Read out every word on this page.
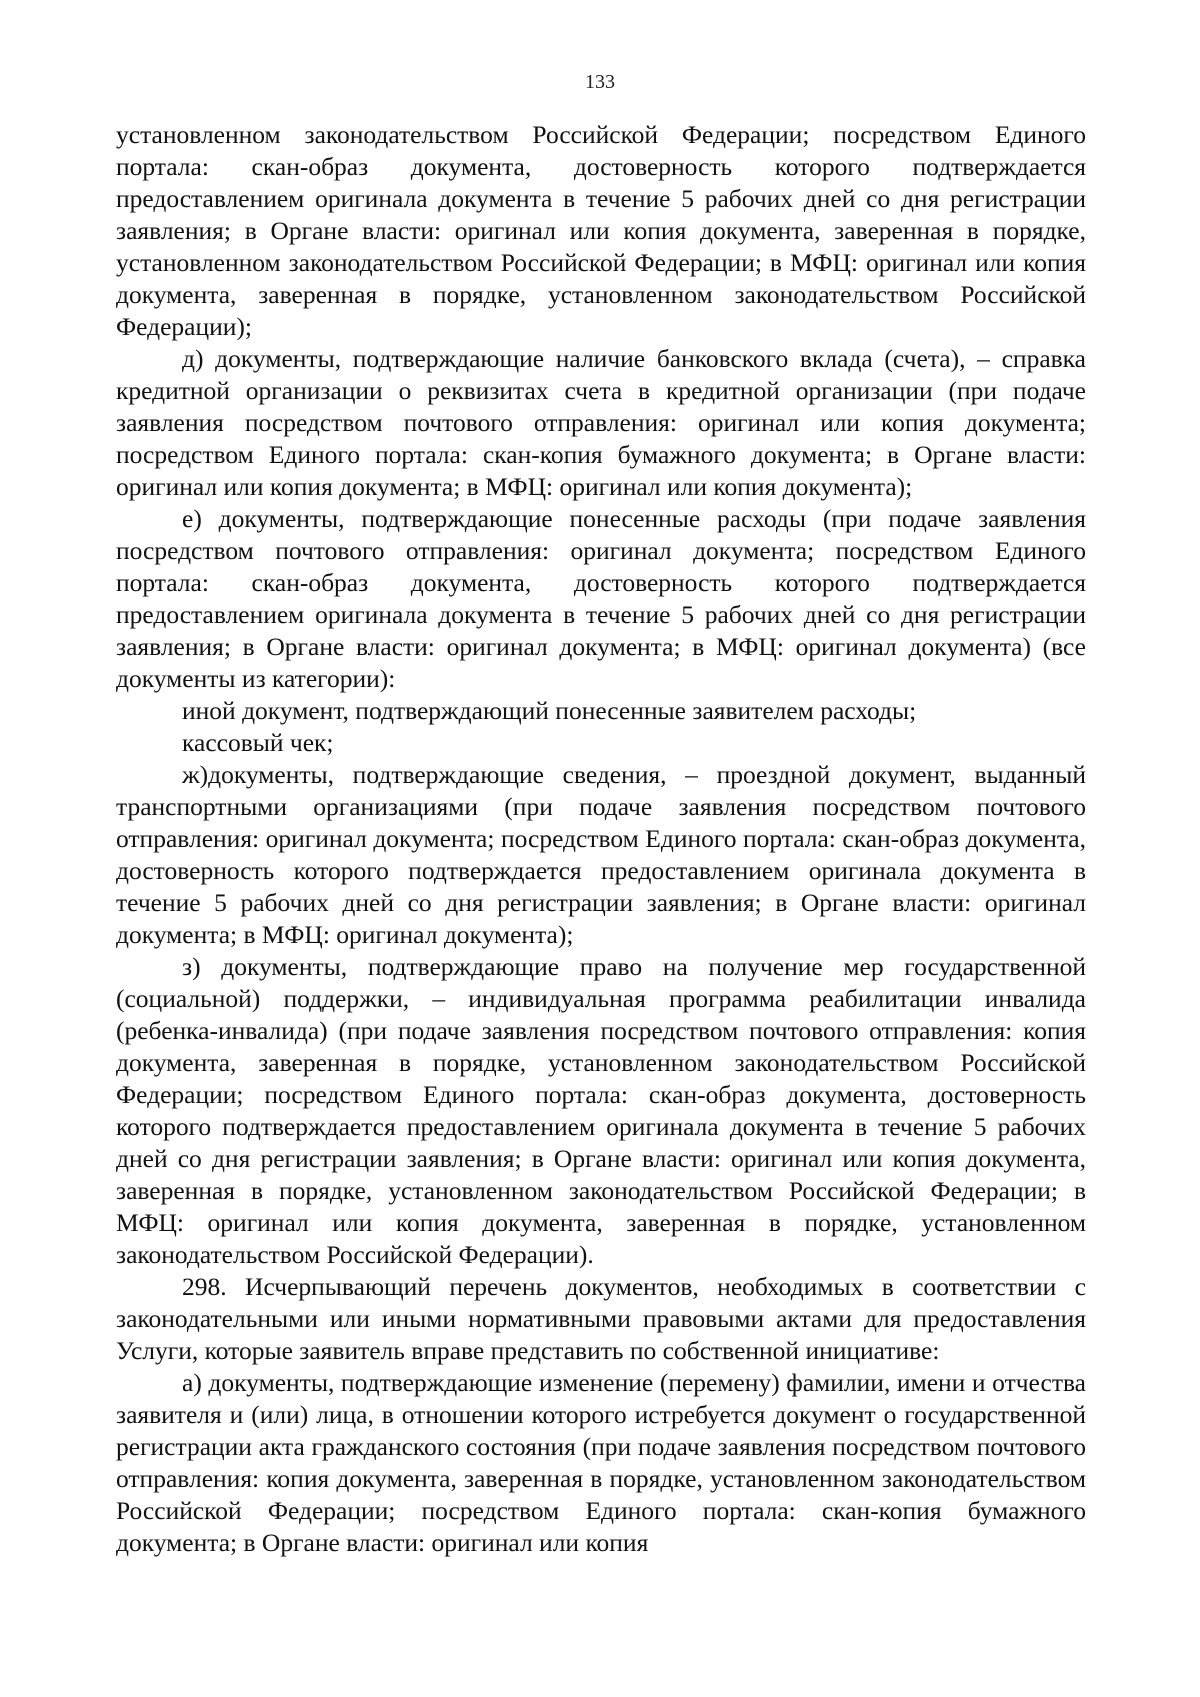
133

установленном законодательством Российской Федерации; посредством Единого портала: скан-образ документа, достоверность которого подтверждается предоставлением оригинала документа в течение 5 рабочих дней со дня регистрации заявления; в Органе власти: оригинал или копия документа, заверенная в порядке, установленном законодательством Российской Федерации; в МФЦ: оригинал или копия документа, заверенная в порядке, установленном законодательством Российской Федерации);

д) документы, подтверждающие наличие банковского вклада (счета), – справка кредитной организации о реквизитах счета в кредитной организации (при подаче заявления посредством почтового отправления: оригинал или копия документа; посредством Единого портала: скан-копия бумажного документа; в Органе власти: оригинал или копия документа; в МФЦ: оригинал или копия документа);

е) документы, подтверждающие понесенные расходы (при подаче заявления посредством почтового отправления: оригинал документа; посредством Единого портала: скан-образ документа, достоверность которого подтверждается предоставлением оригинала документа в течение 5 рабочих дней со дня регистрации заявления; в Органе власти: оригинал документа; в МФЦ: оригинал документа) (все документы из категории):

иной документ, подтверждающий понесенные заявителем расходы;

кассовый чек;

ж)документы, подтверждающие сведения, – проездной документ, выданный транспортными организациями (при подаче заявления посредством почтового отправления: оригинал документа; посредством Единого портала: скан-образ документа, достоверность которого подтверждается предоставлением оригинала документа в течение 5 рабочих дней со дня регистрации заявления; в Органе власти: оригинал документа; в МФЦ: оригинал документа);

з) документы, подтверждающие право на получение мер государственной (социальной) поддержки, – индивидуальная программа реабилитации инвалида (ребенка-инвалида) (при подаче заявления посредством почтового отправления: копия документа, заверенная в порядке, установленном законодательством Российской Федерации; посредством Единого портала: скан-образ документа, достоверность которого подтверждается предоставлением оригинала документа в течение 5 рабочих дней со дня регистрации заявления; в Органе власти: оригинал или копия документа, заверенная в порядке, установленном законодательством Российской Федерации; в МФЦ: оригинал или копия документа, заверенная в порядке, установленном законодательством Российской Федерации).

298. Исчерпывающий перечень документов, необходимых в соответствии с законодательными или иными нормативными правовыми актами для предоставления Услуги, которые заявитель вправе представить по собственной инициативе:

а) документы, подтверждающие изменение (перемену) фамилии, имени и отчества заявителя и (или) лица, в отношении которого истребуется документ о государственной регистрации акта гражданского состояния (при подаче заявления посредством почтового отправления: копия документа, заверенная в порядке, установленном законодательством Российской Федерации; посредством Единого портала: скан-копия бумажного документа; в Органе власти: оригинал или копия
